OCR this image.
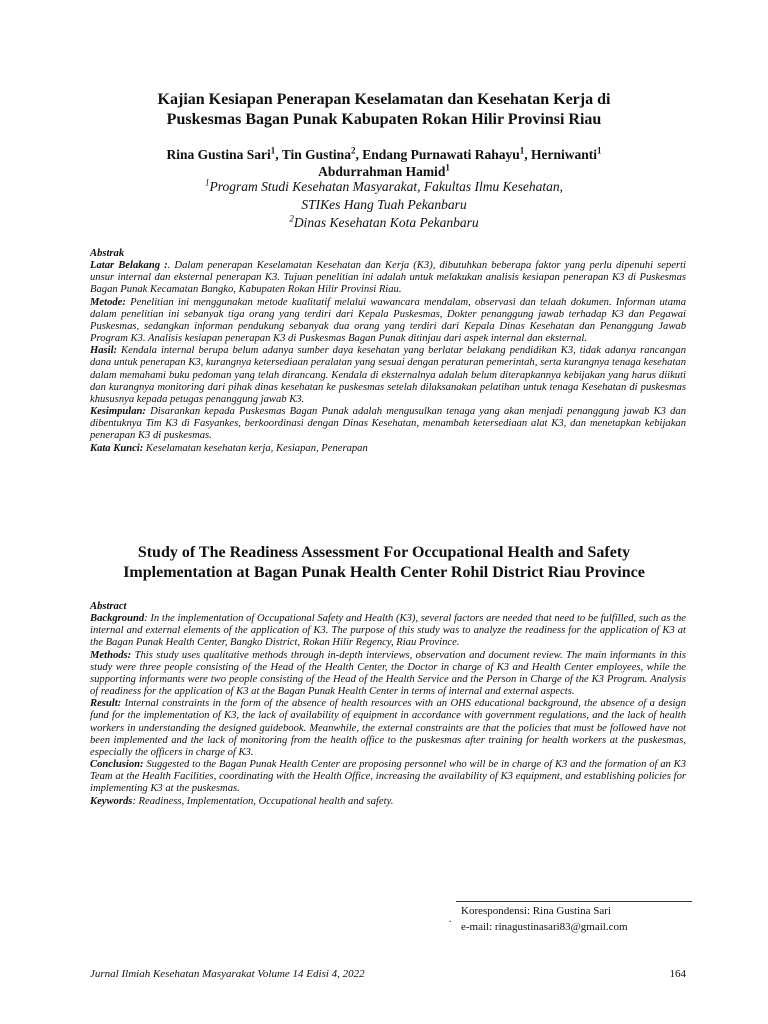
Kajian Kesiapan Penerapan Keselamatan dan Kesehatan Kerja di
Puskesmas Bagan Punak Kabupaten Rokan Hilir Provinsi Riau
Rina Gustina Sari$^1$, Tin Gustina$^2$, Endang Purnawati Rahayu$^1$, Herniwanti$^1$
Abdurrahman Hamid$^1$
$^1$Program Studi Kesehatan Masyarakat, Fakultas Ilmu Kesehatan,
STIKes Hang Tuah Pekanbaru
$^2$Dinas Kesehatan Kota Pekanbaru

Abstrak

Latar Belakang :. Dalam penerapan Keselamatan Kesehatan dan Kerja (K3), dibutuhkan beberapa faktor yang perlu dipenuhi seperti unsur internal dan eksternal penerapan K3. Tujuan penelitian ini adalah untuk melakukan analisis kesiapan penerapan K3 di Puskesmas Bagan Punak Kecamatan Bangko, Kabupaten Rokan Hilir Provinsi Riau.

Metode: Penelitian ini menggunakan metode kualitatif melalui wawancara mendalam, observasi dan telaah dokumen. Informan utama dalam penelitian ini sebanyak tiga orang yang terdiri dari Kepala Puskesmas, Dokter penanggung jawab terhadap K3 dan Pegawai Puskesmas, sedangkan informan pendukung sebanyak dua orang yang terdiri dari Kepala Dinas Kesehatan dan Penanggung Jawab Program K3. Analisis kesiapan penerapan K3 di Puskesmas Bagan Punak ditinjau dari aspek internal dan eksternal.

Hasil: Kendala internal berupa belum adanya sumber daya kesehatan yang berlatar belakang pendidikan K3, tidak adanya rancangan dana untuk penerapan K3, kurangnya ketersediaan peralatan yang sesuai dengan peraturan pemerintah, serta kurangnya tenaga kesehatan dalam memahami buku pedoman yang telah dirancang. Kendala di eksternalnya adalah belum diterapkannya kebijakan yang harus diikuti dan kurangnya monitoring dari pihak dinas kesehatan ke puskesmas setelah dilaksanakan pelatihan untuk tenaga Kesehatan di puskesmas khususnya kepada petugas penanggung jawab K3.

Kesimpulan: Disarankan kepada Puskesmas Bagan Punak adalah mengusulkan tenaga yang akan menjadi penanggung jawab K3 dan dibentuknya Tim K3 di Fasyankes, berkoordinasi dengan Dinas Kesehatan, menambah ketersediaan alat K3, dan menetapkan kebijakan penerapan K3 di puskesmas.

Kata Kunci: Keselamatan kesehatan kerja, Kesiapan, Penerapan

Study of The Readiness Assessment For Occupational Health and Safety
Implementation at Bagan Punak Health Center Rohil District Riau Province

Abstract

Background: In the implementation of Occupational Safety and Health (K3), several factors are needed that need to be fulfilled, such as the internal and external elements of the application of K3. The purpose of this study was to analyze the readiness for the application of K3 at the Bagan Punak Health Center, Bangko District, Rokan Hilir Regency, Riau Province.

Methods: This study uses qualitative methods through in-depth interviews, observation and document review. The main informants in this study were three people consisting of the Head of the Health Center, the Doctor in charge of K3 and Health Center employees, while the supporting informants were two people consisting of the Head of the Health Service and the Person in Charge of the K3 Program. Analysis of readiness for the application of K3 at the Bagan Punak Health Center in terms of internal and external aspects.

Result: Internal constraints in the form of the absence of health resources with an OHS educational background, the absence of a design fund for the implementation of K3, the lack of availability of equipment in accordance with government regulations, and the lack of health workers in understanding the designed guidebook. Meanwhile, the external constraints are that the policies that must be followed have not been implemented and the lack of monitoring from the health office to the puskesmas after training for health workers at the puskesmas, especially the officers in charge of K3.

Conclusion: Suggested to the Bagan Punak Health Center are proposing personnel who will be in charge of K3 and the formation of an K3 Team at the Health Facilities, coordinating with the Health Office, increasing the availability of K3 equipment, and establishing policies for implementing K3 at the puskesmas.

Keywords: Readiness, Implementation, Occupational health and safety.

.
Korespondensi: Rina Gustina Sari
e-mail: rinagustinasari83@gmail.com
Jurnal Ilmiah Kesehatan Masyarakat Volume 14 Edisi 4, 2022	164
